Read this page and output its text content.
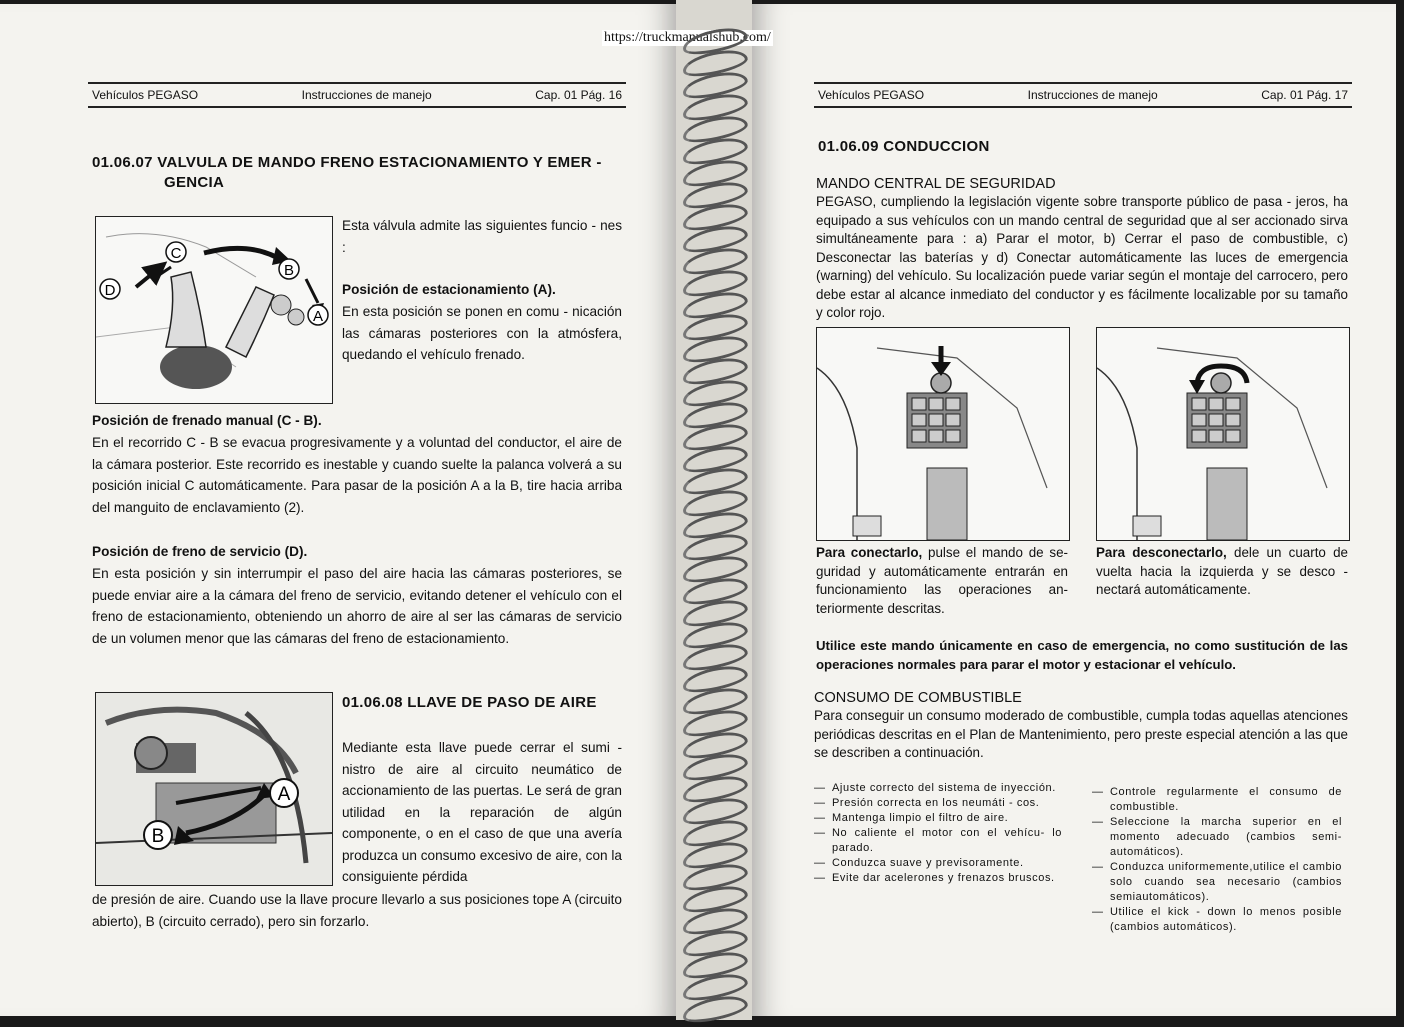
Vehículos PEGASO	Instrucciones de manejo	Cap. 01 Pág. 16
01.06.07 VALVULA DE MANDO FRENO ESTACIONAMIENTO Y EMER -
GENCIA
C
B
D
A
Esta válvula admite las siguientes funcio - nes :
Posición de estacionamiento (A).
En esta posición se ponen en comu - nicación las cámaras posteriores con la atmósfera, quedando el vehículo frenado.
Posición de frenado manual (C - B).
En el recorrido C - B se evacua progresivamente y a voluntad del conductor, el aire de la cámara posterior. Este recorrido es inestable y cuando suelte la palanca volverá a su posición inicial C automáticamente. Para pasar de la posición A a la B, tire hacia arriba del manguito de enclavamiento (2).
Posición de freno de servicio (D).
En esta posición y sin interrumpir el paso del aire hacia las cámaras posteriores, se puede enviar aire a la cámara del freno de servicio, evitando detener el vehículo con el freno de estacionamiento, obteniendo un ahorro de aire al ser las cámaras de servicio de un volumen menor que las cámaras del freno de estacionamiento.
A
B
01.06.08 LLAVE DE PASO DE AIRE
Mediante esta llave puede cerrar el sumi - nistro de aire al circuito neumático de accionamiento de las puertas. Le será de gran utilidad en la reparación de algún componente, o en el caso de que una avería produzca un consumo excesivo de aire, con la consiguiente pérdida
de presión de aire. Cuando use la llave procure llevarlo a sus posiciones tope A (circuito abierto), B (circuito cerrado), pero sin forzarlo.
Vehículos PEGASO	Instrucciones de manejo	Cap. 01 Pág. 17
01.06.09 CONDUCCION
MANDO CENTRAL DE SEGURIDAD
PEGASO, cumpliendo la legislación vigente sobre transporte público de pasa - jeros, ha equipado a sus vehículos con un mando central de seguridad que al ser accionado sirva simultáneamente para : a) Parar el motor, b) Cerrar el paso de combustible, c) Desconectar las baterías y d) Conectar automáticamente las luces de emergencia (warning) del vehículo. Su localización puede variar según el montaje del carrocero, pero debe estar al alcance inmediato del conductor y es fácilmente localizable por su tamaño y color rojo.
Para conectarlo, pulse el mando de se- guridad y automáticamente entrarán en funcionamiento las operaciones an- teriormente descritas.
Para desconectarlo, dele un cuarto de vuelta hacia la izquierda y se desco - nectará automáticamente.
Utilice este mando únicamente en caso de emergencia, no como sustitución de las operaciones normales para parar el motor y estacionar el vehículo.
CONSUMO DE COMBUSTIBLE
Para conseguir un consumo moderado de combustible, cumpla todas aquellas atenciones periódicas descritas en el Plan de Mantenimiento, pero preste especial atención a las que se describen a continuación.
— Ajuste correcto del sistema de inyección.
— Presión correcta en los neumáti - cos.
— Mantenga limpio el filtro de aire.
— No caliente el motor con el vehícu- lo parado.
— Conduzca suave y previsoramente.
— Evite dar acelerones y frenazos bruscos.
— Controle regularmente el consumo de combustible.
— Seleccione la marcha superior en el momento adecuado (cambios semi- automáticos).
— Conduzca uniformemente,utilice el cambio solo cuando sea necesario (cambios semiautomáticos).
— Utilice el kick - down lo menos posible (cambios automáticos).
https://truckmanualshub.com/
